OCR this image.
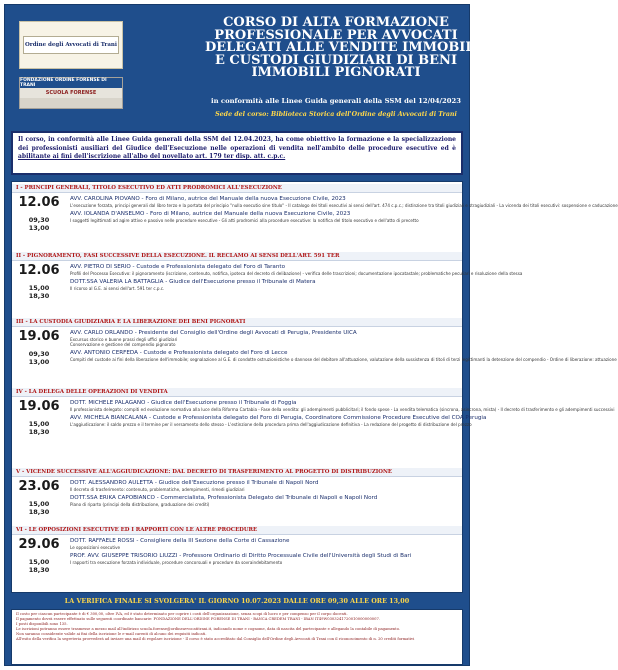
Ordine degli Avvocati di Trani
FONDAZIONE ORDINE FORENSE DI TRANI
SCUOLA FORENSE
CORSO DI ALTA FORMAZIONE
PROFESSIONALE PER AVVOCATI
DELEGATI ALLE VENDITE IMMOBILIARI
E CUSTODI GIUDIZIARI DI BENI
IMMOBILI PIGNORATI
in conformità alle Linee Guida generali della SSM del 12/04/2023
Sede del corso: Biblioteca Storica dell'Ordine degli Avvocati di Trani
Il corso, in conformità alle Linee Guida generali della SSM del 12.04.2023, ha come obiettivo la formazione e la specializzazione dei professionisti ausiliari del Giudice dell'Esecuzione nelle operazioni di vendita nell'ambito delle procedure esecutive ed è abilitante ai fini dell'iscrizione all'albo del novellato art. 179 ter disp. att. c.p.c.
I - PRINCIPI GENERALI, TITOLO ESECUTIVO ED ATTI PRODROMICI ALL'ESECUZIONE
12.06
09,30
13,00
AVV. CAROLINA PIOVANO - Foro di Milano, autrice del Manuale della nuova Esecuzione Civile, 2023
L'esecuzione forzata, principi generali dal libro terzo e la portata del principio "nulla executio sine titulo" - Il catalogo dei titoli esecutivi ai sensi dell'art. 474 c.p.c.; distinzione tra titoli giudiziali e stragiudiziali - La vicenda dei titoli esecutivi: sospensione e caducazione
AVV. IOLANDA D'ANSELMO - Foro di Milano, autrice del Manuale della nuova Esecuzione Civile, 2023
I soggetti legittimati ad agire attivo e passivo nelle procedure esecutive - Gli atti prodromici alla procedure esecutive: la notifica del titolo esecutivo e dell'atto di precetto
II - PIGNORAMENTO, FASI SUCCESSIVE DELLA ESECUZIONE. IL RECLAMO AI SENSI DELL'ART. 591 TER
12.06
15,00
18,30
AVV. PIETRO DI SERIO - Custode e Professionista delegato del Foro di Taranto
Profili del Processo Esecutivo: il pignoramento (iscrizione, contenuto, notifica, ipoteca del decreto di delibazione) - verifica delle trascrizioni; documentazione ipocatastale; problematiche peculiari e risoluzione della stessa
DOTT.SSA VALERIA LA BATTAGLIA - Giudice dell'Esecuzione presso il Tribunale di Matera
Il ricorso al G.E. ai sensi dell'art. 591 ter c.p.c.
III - LA CUSTODIA GIUDIZIARIA E LA LIBERAZIONE DEI BENI PIGNORATI
19.06
09,30
13,00
AVV. CARLO ORLANDO - Presidente del Consiglio dell'Ordine degli Avvocati di Perugia, Presidente UICA
Excursus storico e buone prassi degli uffici giudiziari
Conservazione e gestione del compendio pignorato
AVV. ANTONIO CERFEDA - Custode e Professionista delegato del Foro di Lecce
Compiti del custode ai fini della liberazione dell'immobile; segnalazione al G.E. di condotte ostruzionistiche o dannose del debitore all'attuazione, valutazione della sussistenza di titoli di terzi legittimanti la detenzione del compendio - Ordine di liberazione: attuazione
IV - LA DELEGA DELLE OPERAZIONI DI VENDITA
19.06
15,00
18,30
DOTT. MICHELE PALAGANO - Giudice dell'Esecuzione presso il Tribunale di Foggia
Il professionista delegato: compiti ed evoluzione normativa alla luce della Riforma Cartabia - Fase della vendita: gli adempimenti pubblicitari; il fondo spese - La vendita telematica (sincrona, asincrona, mista) - Il decreto di trasferimento e gli adempimenti successivi
AVV. MICHELA BIANCALANA - Custode e Professionista delegato del Foro di Perugia, Coordinatore Commissione Procedure Esecutive del COA Perugia
L'aggiudicazione: il saldo prezzo e il termine per il versamento dello stesso - L'estinzione della procedura prima dell'aggiudicazione definitiva - La redazione del progetto di distribuzione del prezzo
V - VICENDE SUCCESSIVE ALL'AGGIUDICAZIONE: DAL DECRETO DI TRASFERIMENTO AL PROGETTO DI DISTRIBUZIONE
23.06
15,00
18,30
DOTT. ALESSANDRO AULETTA - Giudice dell'Esecuzione presso il Tribunale di Napoli Nord
Il decreto di trasferimento: contenuto, problematiche, adempimenti, rimedi giudiziari
DOTT.SSA ERIKA CAPOBIANCO - Commercialista, Professionista Delegato del Tribunale di Napoli e Napoli Nord
Piano di riparto (principi della distribuzione, graduazione dei crediti)
VI - LE OPPOSIZIONI ESECUTIVE ED I RAPPORTI CON LE ALTRE PROCEDURE
29.06
15,00
18,30
DOTT. RAFFAELE ROSSI - Consigliere della III Sezione della Corte di Cassazione
Le opposizioni esecutive
PROF. AVV. GIUSEPPE TRISORIO LIUZZI - Professore Ordinario di Diritto Processuale Civile dell'Università degli Studi di Bari
I rapporti tra esecuzione forzata individuale, procedure concorsuali e procedure da sovraindebitamento
LA VERIFICA FINALE SI SVOLGERA' IL GIORNO 10.07.2023 DALLE ORE 09,30 ALLE ORE 13,00

Il costo per ciascun partecipante è di € 300,00, oltre IVA, ed è stato determinato per coprire i costi dell'organizzazione, senza scopi di lucro e per compenso per il corpo docenti.

Il pagamento dovrà essere effettuato sulle seguenti coordinate bancarie: FONDAZIONE DELL'ORDINE FORENSE DI TRANI - BANCA CREDEM TRANI - IBAN IT49W0303241720010000000007.

I posti disponibili sono 135.

Le iscrizioni potranno essere trasmesse a mezzo mail all'indirizzo scuola.forense@ordineavvocatitrani.it, indicando nome e cognome, data di nascita del partecipante e allegando la contabile di pagamento.

Non saranno considerate valide ai fini della iscrizione le e-mail carenti di alcuno dei requisiti indicati.

All'esito della verifica la segreteria provvederà ad inviare una mail di regolare iscrizione - Il corso è stato accreditato dal Consiglio dell'Ordine degli Avvocati di Trani con il riconoscimento di n. 20 crediti formativi
